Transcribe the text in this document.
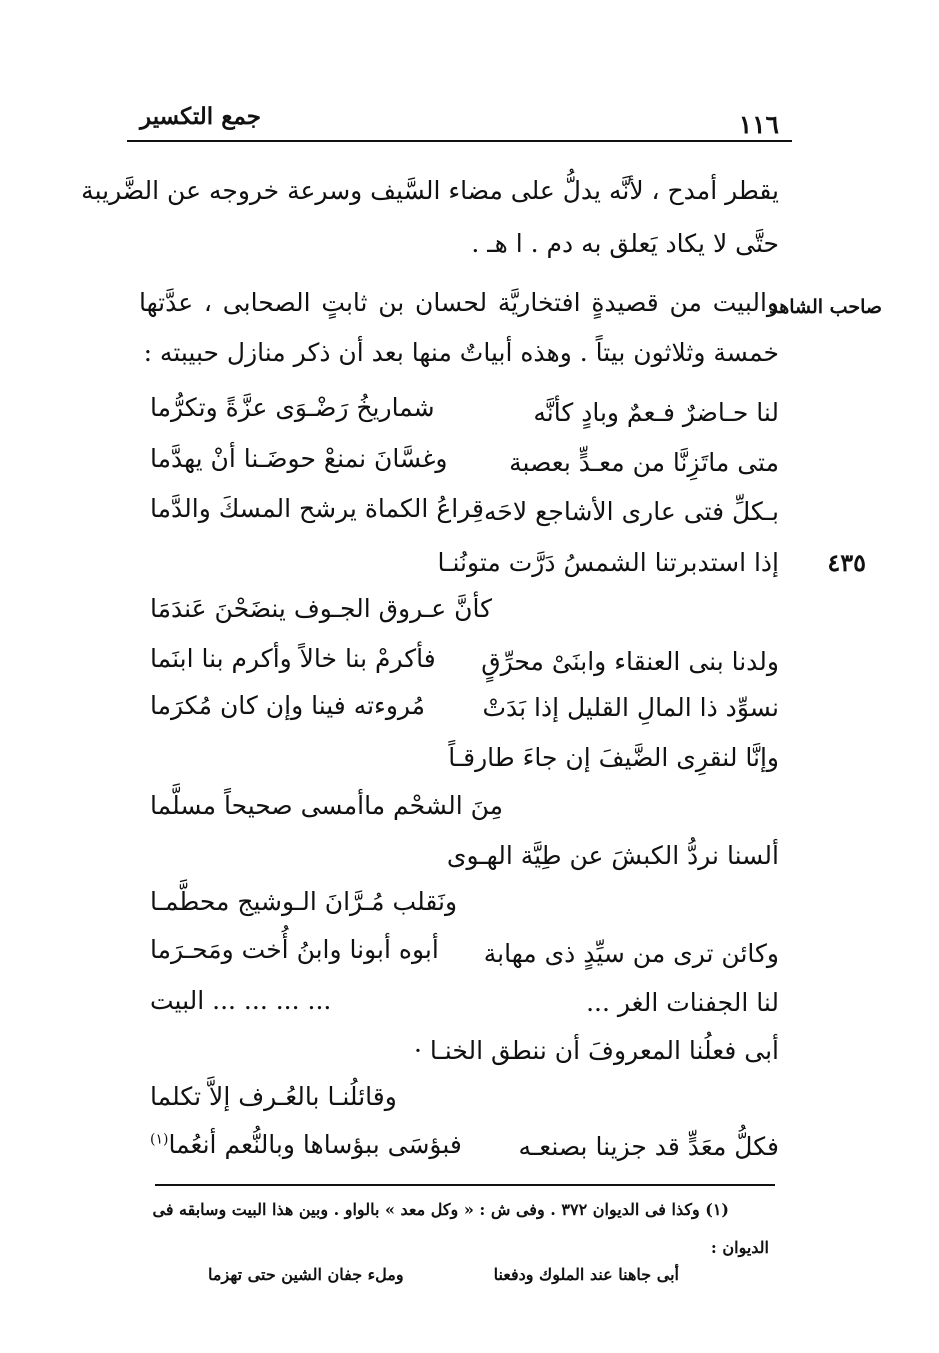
١١٦
جمع التكسير
يقطر أمدح ، لأنَّه يدلُّ على مضاء السَّيف وسرعة خروجه عن الضَّريبة
حتَّى لا يكاد يَعلق به دم . ا هـ .
صاحب الشاهد
والبيت من قصيدةٍ افتخاريَّة لحسان بن ثابتٍ الصحابى ، عدَّتها
خمسة وثلاثون بيتاً . وهذه أبياتٌ منها بعد أن ذكر منازل حبيبته :
٤٣٥
لنا حـاضرٌ فـعمٌ وبادٍ كأنَّه
شماريخُ رَضْـوَى عزَّةً وتكرُّما
متى ماتَزِنَّا من معـدٍّ بعصبة
وغسَّانَ نمنعْ حوضَـنا أنْ يهدَّما
بـكلِّ فتى عارى الأشاجع لاحَه
قِراعُ الكماة يرشح المسكَ والدَّما
إذا استدبرتنا الشمسُ دَرَّت متونُنـا
كأنَّ عـروق الجـوف ينضَحْنَ عَندَمَا
ولدنا بنى العنقاء وابنَىْ محرِّقٍ
فأكرمْ بنا خالاً وأكرم بنا ابنَما
نسوِّد ذا المالِ القليل إذا بَدَتْ
مُروءته فينا وإن كان مُكرَما
وإنَّا لنقرِى الضَّيفَ إن جاءَ طارقـاً
مِنَ الشحْم ماأمسى صحيحاً مسلَّما
ألسنا نردُّ الكبشَ عن طِيَّة الهـوى
ونَقلب مُـرَّانَ الـوشيج محطَّمـا
وكائن ترى من سيِّدٍ ذى مهابة
أبوه أبونا وابنُ أُخت ومَحـرَما
لنا الجفنات الغر ...
... ... ... ... البيت
أبى فعلُنا المعروفَ أن ننطق الخنـا ·
وقائلُنـا بالعُـرف إلاَّ تكلما
فكلُّ معَدٍّ قد جزينا بصنعـه
فبؤسَى ببؤساها وبالنُّعم أنعُما$^{(١)}$
(١) وكذا فى الديوان ٣٧٢ . وفى ش : « وكل معد » بالواو . وبين هذا البيت وسابقه فى
الديوان :
أبى جاهنا عند الملوك ودفعنا
وملء جفان الشين حتى تهزما
